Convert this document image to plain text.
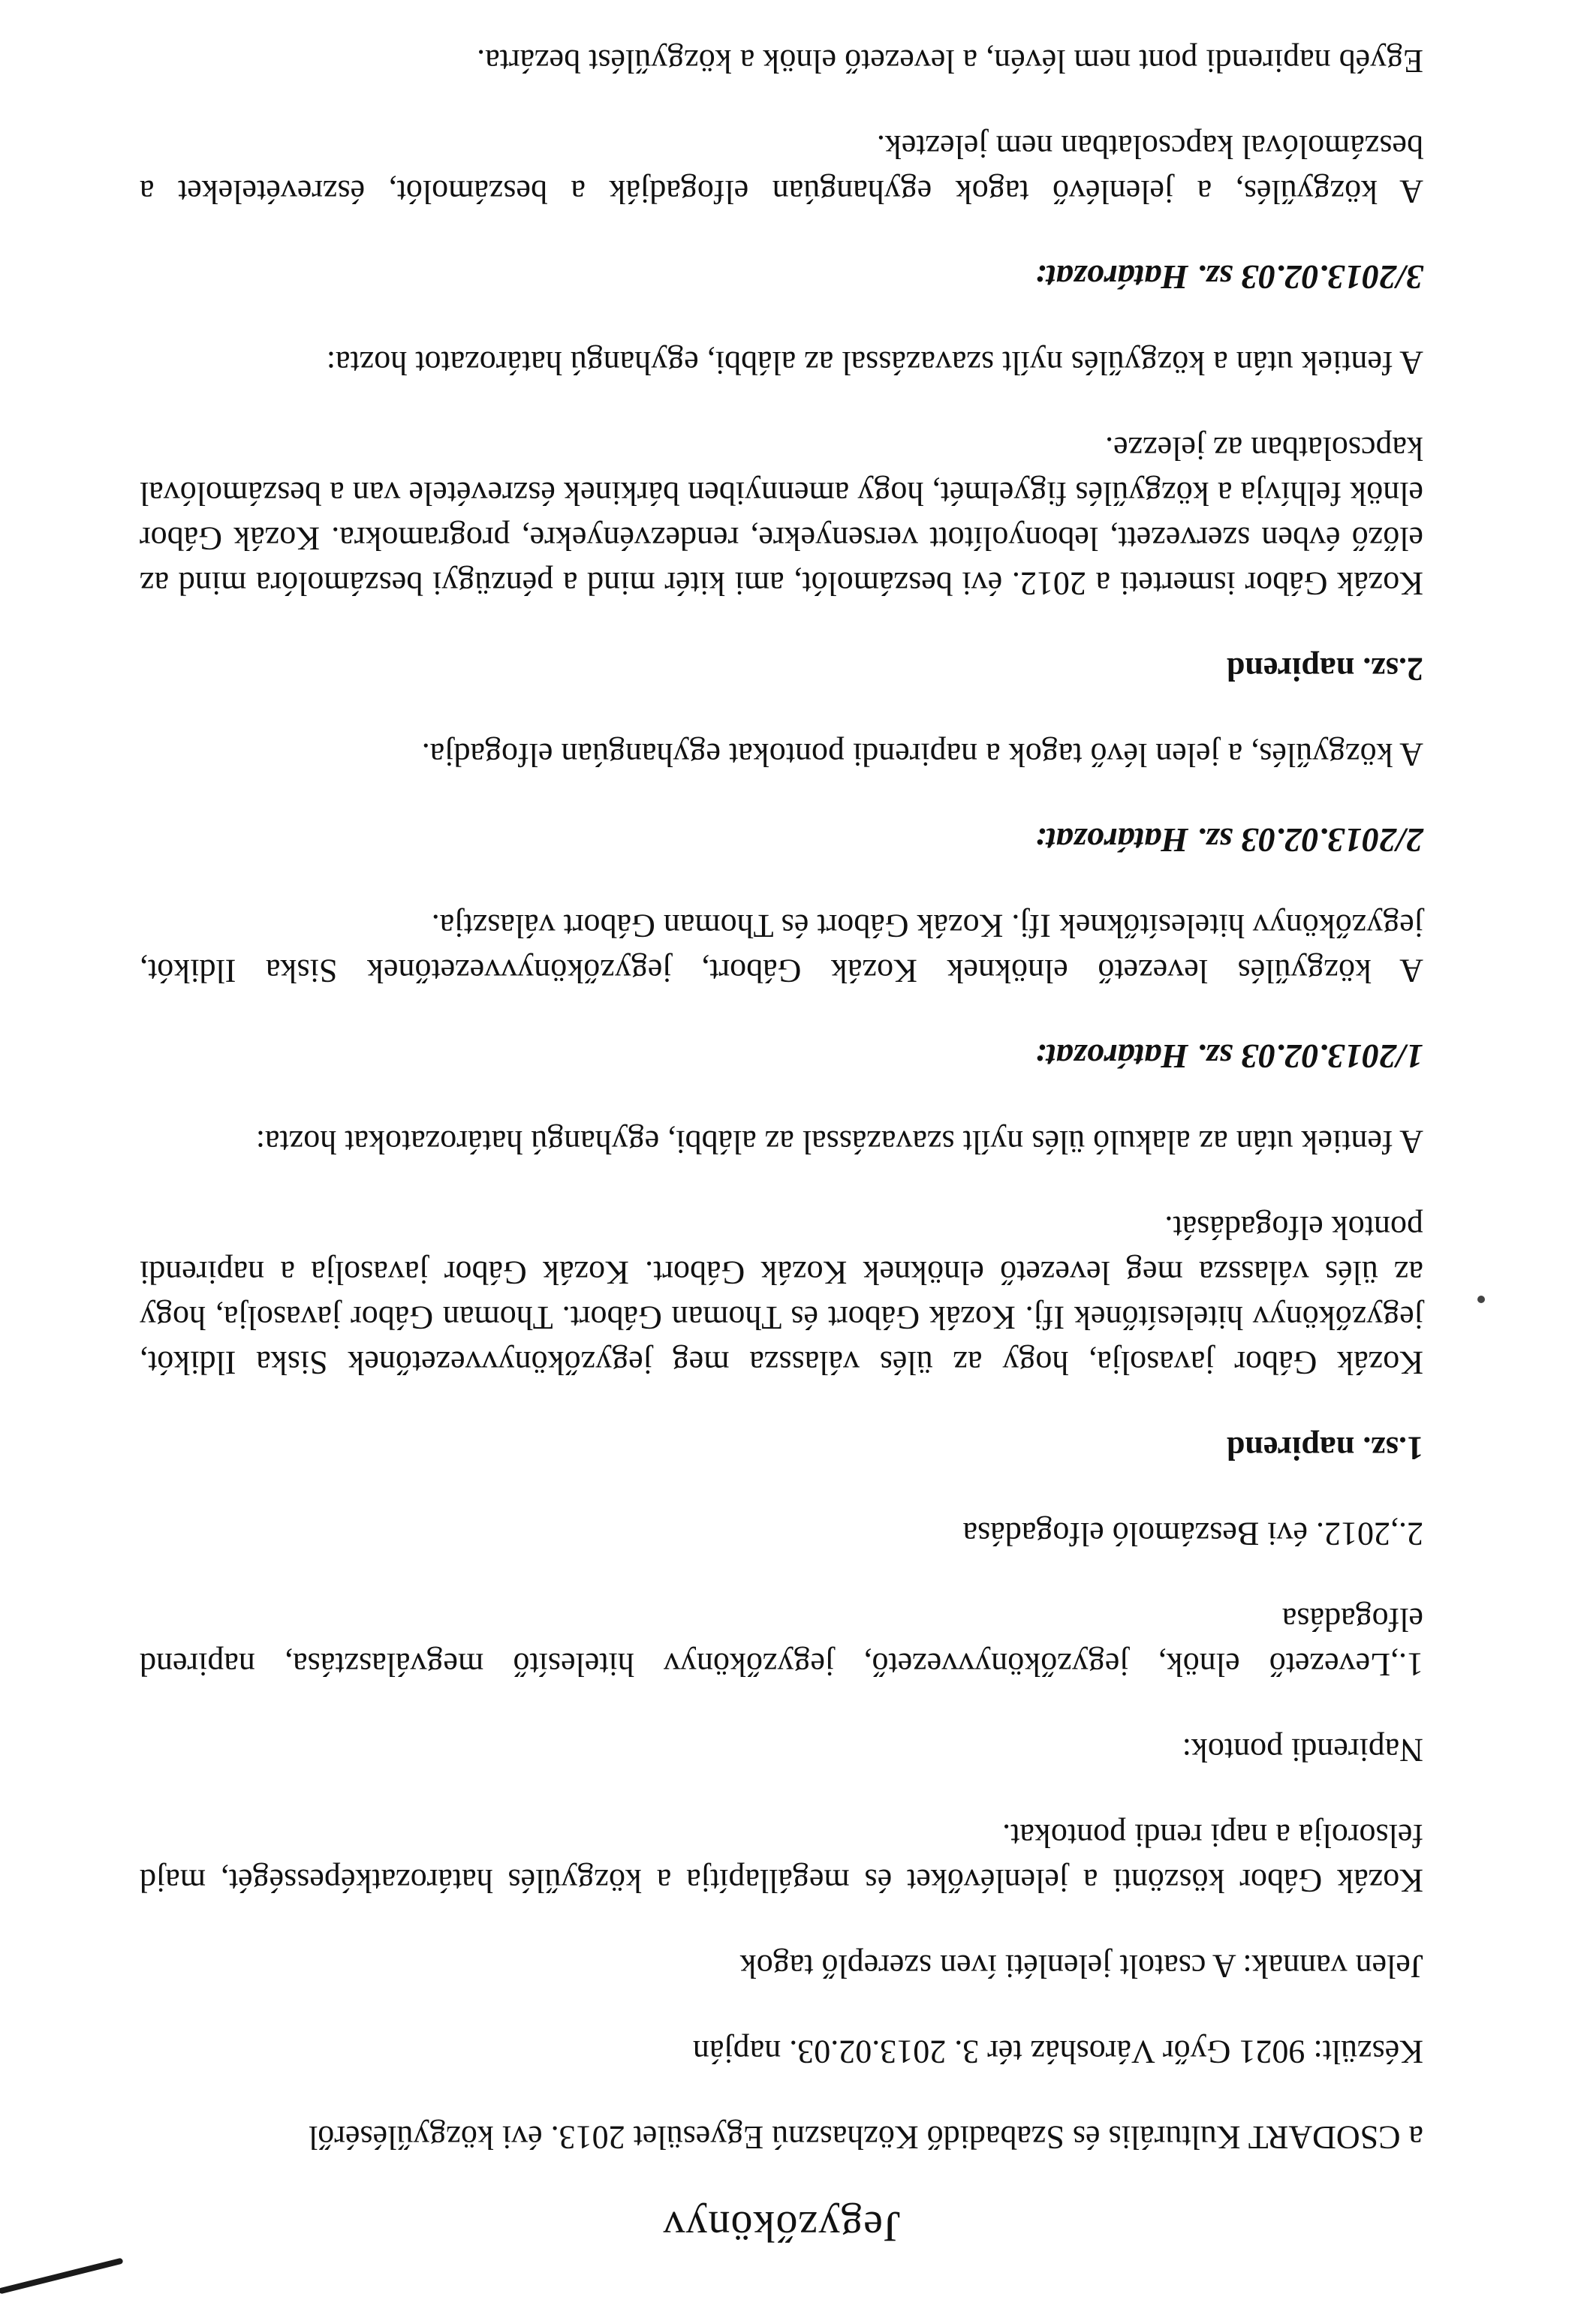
Jegyzőkönyv

a CSODART Kulturális és Szabadidő Közhasznú Egyesület 2013. évi közgyűléséről

Készült: 9021 Győr Városház tér 3. 2013.02.03. napján

Jelen vannak: A csatolt jelenléti íven szereplő tagok

Kozák Gábor köszönti a jelenlévőket és megállapítja a közgyűlés határozatképességét, majd felsorolja a napi rendi pontokat.

Napirendi pontok:

1.,Levezető elnök, jegyzőkönyvvezető, jegyzőkönyv hitelesítő megválasztása, napirend elfogadása

2.,2012. évi Beszámoló elfogadása

1.sz. napirend

Kozák Gábor javasolja, hogy az ülés válassza meg jegyzőkönyvvezetőnek Siska Ildikót, jegyzőkönyv hitelesítőnek Ifj. Kozák Gábort és Thoman Gábort. Thoman Gábor javasolja, hogy az ülés válassza meg levezető elnöknek Kozák Gábort. Kozák Gábor javasolja a napirendi pontok elfogadását.

A fentiek után az alakuló ülés nyílt szavazással az alábbi, egyhangú határozatokat hozta:

1/2013.02.03 sz. Határozat:

A közgyűlés levezető elnöknek Kozák Gábort, jegyzőkönyvvezetőnek Siska Ildikót, jegyzőkönyv hitelesítőknek Ifj. Kozák Gábort és Thoman Gábort választja.

2/2013.02.03 sz. Határozat:

A közgyűlés, a jelen lévő tagok a napirendi pontokat egyhangúan elfogadja.

2.sz. napirend

Kozák Gábor ismerteti a 2012. évi beszámolót, ami kitér mind a pénzügyi beszámolóra mind az előző évben szervezett, lebonyolított versenyekre, rendezvényekre, programokra. Kozák Gábor elnök felhívja a közgyűlés figyelmét, hogy amennyiben bárkinek észrevétele van a beszámolóval kapcsolatban az jelezze.

A fentiek után a közgyűlés nyílt szavazással az alábbi, egyhangú határozatot hozta:

3/2013.02.03 sz. Határozat:

A közgyűlés, a jelenlévő tagok egyhangúan elfogadják a beszámolót, észrevételeket a beszámolóval kapcsolatban nem jeleztek.

Egyéb napirendi pont nem lévén, a levezető elnök a közgyűlést bezárta.
